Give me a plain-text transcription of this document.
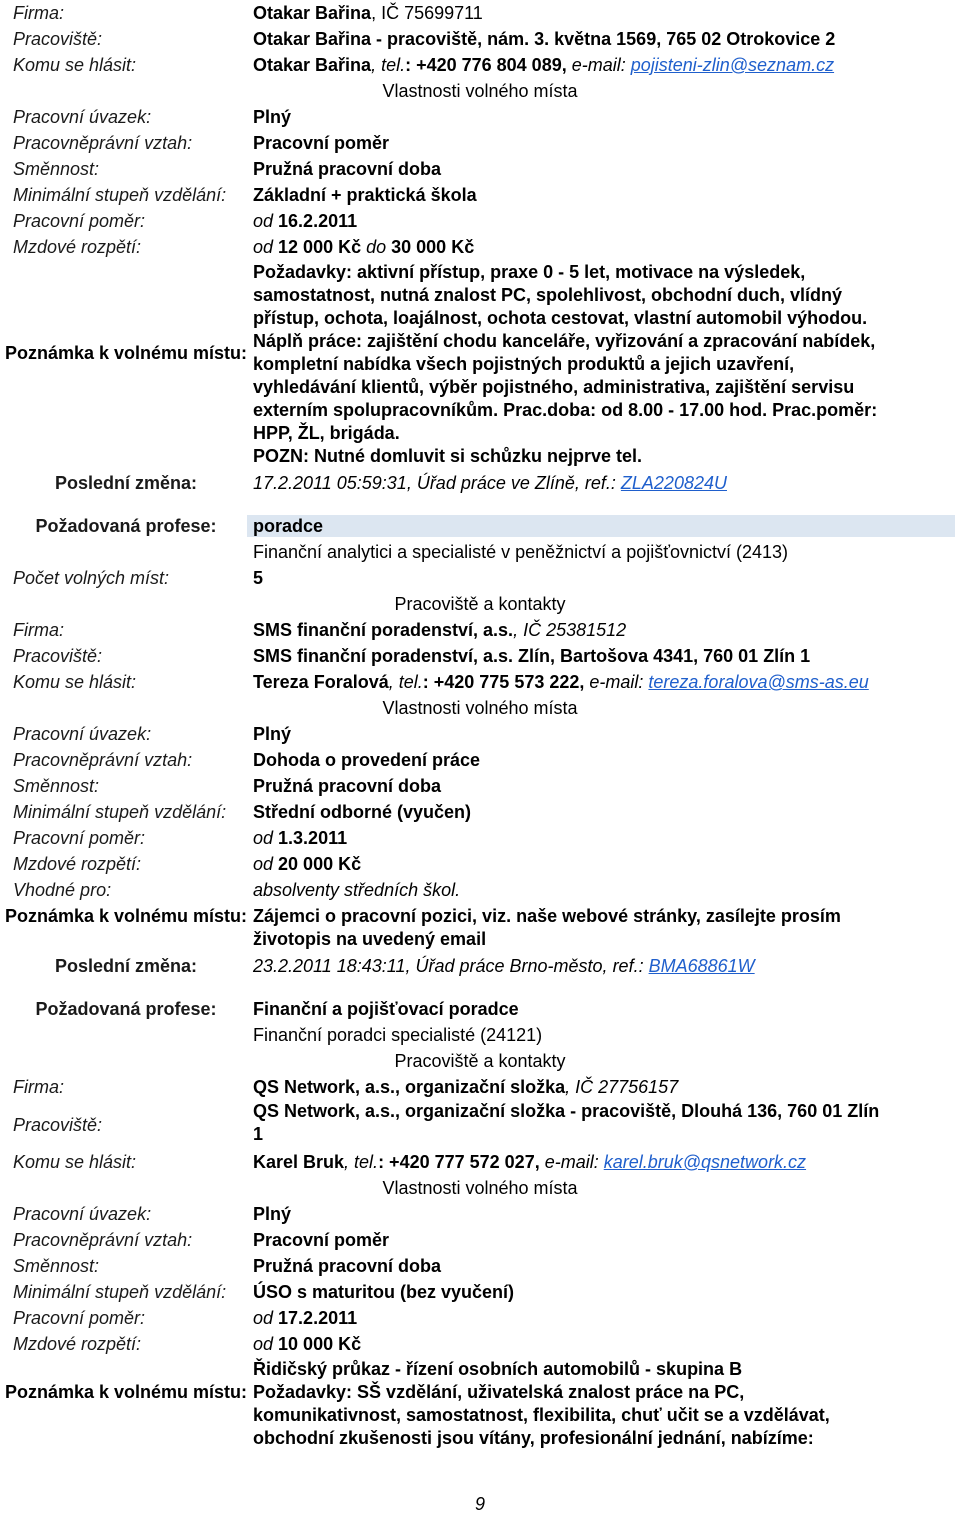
Firma:	Otakar Bařina, IČ 75699711
Pracoviště:	Otakar Bařina - pracoviště, nám. 3. května 1569, 765 02 Otrokovice 2
Komu se hlásit:	Otakar Bařina, tel.: +420 776 804 089, e-mail: pojisteni-zlin@seznam.cz
Vlastnosti volného místa
Pracovní úvazek:	Plný
Pracovněprávní vztah:	Pracovní poměr
Směnnost:	Pružná pracovní doba
Minimální stupeň vzdělání: Základní + praktická škola
Pracovní poměr:	od 16.2.2011
Mzdové rozpětí:	od 12 000 Kč do 30 000 Kč
Poznámka k volnému místu:
Požadavky: aktivní přístup, praxe 0 - 5 let, motivace na výsledek,
samostatnost, nutná znalost PC, spolehlivost, obchodní duch, vlídný
přístup, ochota, loajálnost, ochota cestovat, vlastní automobil výhodou.
Náplň práce: zajištění chodu kanceláře, vyřizování a zpracování nabídek,
kompletní nabídka všech pojistných produktů a jejich uzavření,
vyhledávání klientů, výběr pojistného, administrativa, zajištění servisu
externím spolupracovníkům. Prac.doba: od 8.00 - 17.00 hod. Prac.poměr:
HPP, ŽL, brigáda.
POZN: Nutné domluvit si schůzku nejprve tel.
Poslední změna:	17.2.2011 05:59:31, Úřad práce ve Zlíně, ref.: ZLA220824U
Požadovaná profese:	poradce
Finanční analytici a specialisté v peněžnictví a pojišťovnictví (2413)
Počet volných míst:	5
Pracoviště a kontakty
Firma:	SMS finanční poradenství, a.s., IČ 25381512
Pracoviště:	SMS finanční poradenství, a.s. Zlín, Bartošova 4341, 760 01 Zlín 1
Komu se hlásit:	Tereza Foralová, tel.: +420 775 573 222, e-mail: tereza.foralova@sms-as.eu
Vlastnosti volného místa
Pracovní úvazek:	Plný
Pracovněprávní vztah:	Dohoda o provedení práce
Směnnost:	Pružná pracovní doba
Minimální stupeň vzdělání: Střední odborné (vyučen)
Pracovní poměr:	od 1.3.2011
Mzdové rozpětí:	od 20 000 Kč
Vhodné pro:	absolventy středních škol.
Poznámka k volnému místu: Zájemci o pracovní pozici, viz. naše webové stránky, zasílejte prosím
životopis na uvedený email
Poslední změna:	23.2.2011 18:43:11, Úřad práce Brno-město, ref.: BMA68861W
Požadovaná profese:	Finanční a pojišťovací poradce
Finanční poradci specialisté (24121)
Pracoviště a kontakty
Firma:	QS Network, a.s., organizační složka, IČ 27756157
Pracoviště:
QS Network, a.s., organizační složka - pracoviště, Dlouhá 136, 760 01 Zlín
1
Komu se hlásit:	Karel Bruk, tel.: +420 777 572 027, e-mail: karel.bruk@qsnetwork.cz
Vlastnosti volného místa
Pracovní úvazek:	Plný
Pracovněprávní vztah:	Pracovní poměr
Směnnost:	Pružná pracovní doba
Minimální stupeň vzdělání: ÚSO s maturitou (bez vyučení)
Pracovní poměr:	od 17.2.2011
Mzdové rozpětí:	od 10 000 Kč
Poznámka k volnému místu:
Řidičský průkaz - řízení osobních automobilů - skupina B
Požadavky: SŠ vzdělání, uživatelská znalost práce na PC,
komunikativnost, samostatnost, flexibilita, chuť učit se a vzdělávat,
obchodní zkušenosti jsou vítány, profesionální jednání, nabízíme:
9
